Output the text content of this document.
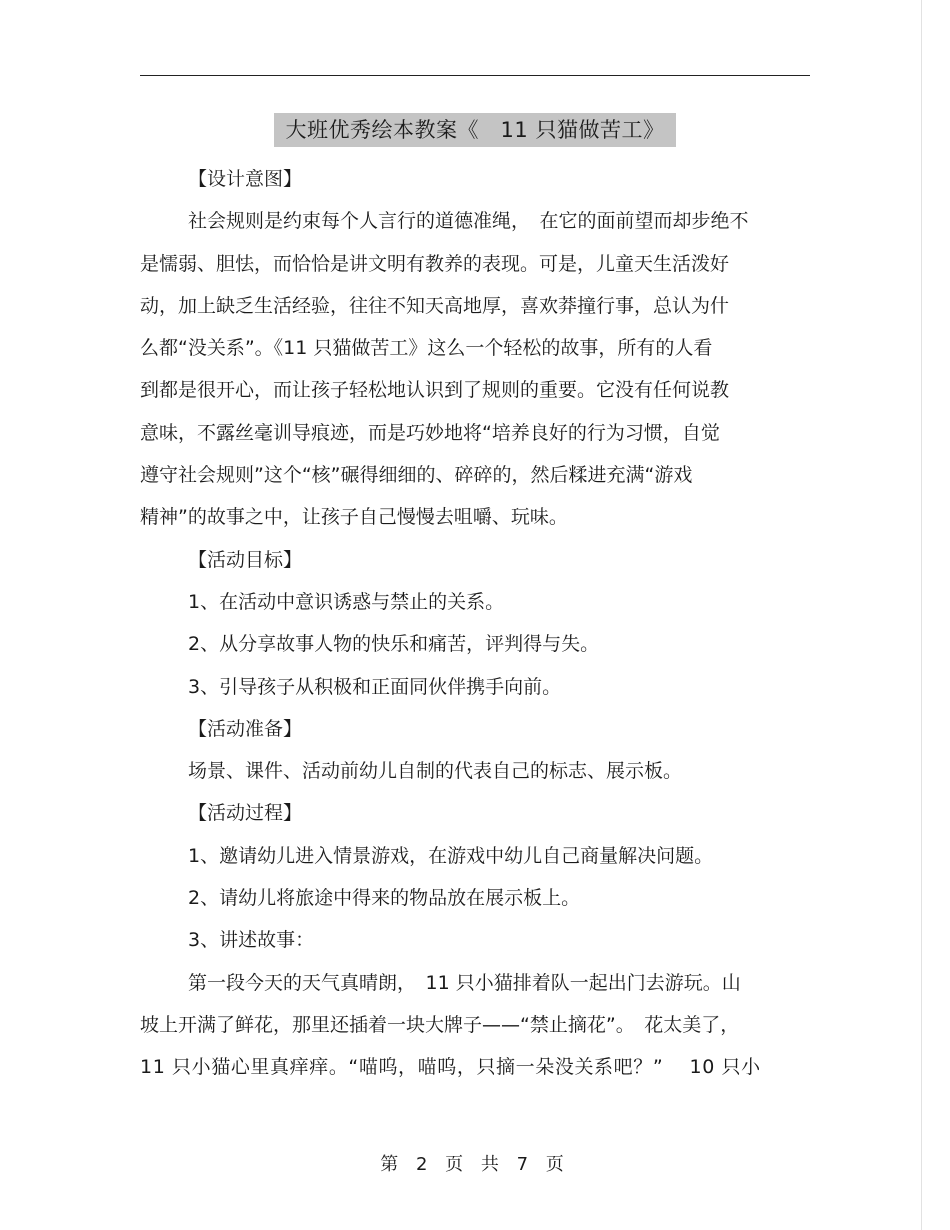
大班优秀绘本教案《　11 只猫做苦工》
【设计意图】
社会规则是约束每个人言行的道德准绳，　在它的面前望而却步绝不
是懦弱、胆怯，而恰恰是讲文明有教养的表现。可是，儿童天生活泼好
动，加上缺乏生活经验，往往不知天高地厚，喜欢莽撞行事，总认为什
么都“没关系”。《11 只猫做苦工》这么一个轻松的故事，所有的人看
到都是很开心，而让孩子轻松地认识到了规则的重要。它没有任何说教
意味，不露丝毫训导痕迹，而是巧妙地将“培养良好的行为习惯，自觉
遵守社会规则”这个“核”碾得细细的、碎碎的，然后糅进充满“游戏
精神”的故事之中，让孩子自己慢慢去咀嚼、玩味。
【活动目标】
1、在活动中意识诱惑与禁止的关系。
2、从分享故事人物的快乐和痛苦，评判得与失。
3、引导孩子从积极和正面同伙伴携手向前。
【活动准备】
场景、课件、活动前幼儿自制的代表自己的标志、展示板。
【活动过程】
1、邀请幼儿进入情景游戏，在游戏中幼儿自己商量解决问题。
2、请幼儿将旅途中得来的物品放在展示板上。
3、讲述故事：
第一段今天的天气真晴朗，　11 只小猫排着队一起出门去游玩。山
坡上开满了鲜花，那里还插着一块大牌子——“禁止摘花”。　花太美了，
11 只小猫心里真痒痒。“喵呜，喵呜，只摘一朵没关系吧？”　 10 只小
第 2 页 共 7 页
